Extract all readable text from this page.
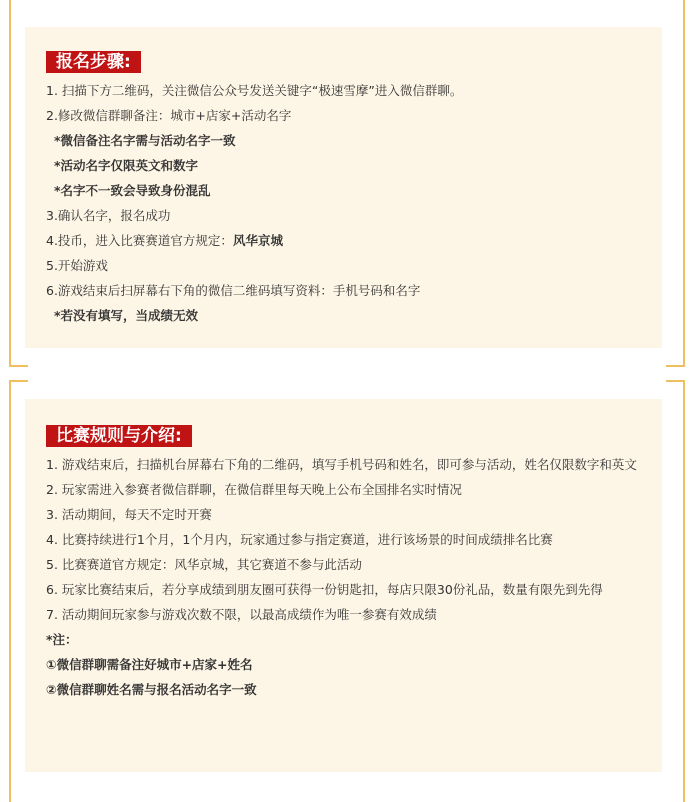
报名步骤:
1. 扫描下方二维码，关注微信公众号发送关键字“极速雪摩”进入微信群聊。
2.修改微信群聊备注：城市+店家+活动名字
*微信备注名字需与活动名字一致
*活动名字仅限英文和数字
*名字不一致会导致身份混乱
3.确认名字，报名成功
4.投币，进入比赛赛道官方规定：风华京城
5.开始游戏
6.游戏结束后扫屏幕右下角的微信二维码填写资料：手机号码和名字
*若没有填写，当成绩无效
比赛规则与介绍:
1. 游戏结束后，扫描机台屏幕右下角的二维码，填写手机号码和姓名，即可参与活动，姓名仅限数字和英文
2. 玩家需进入参赛者微信群聊，在微信群里每天晚上公布全国排名实时情况
3. 活动期间，每天不定时开赛
4. 比赛持续进行1个月，1个月内，玩家通过参与指定赛道，进行该场景的时间成绩排名比赛
5. 比赛赛道官方规定：风华京城，其它赛道不参与此活动
6. 玩家比赛结束后，若分享成绩到朋友圈可获得一份钥匙扣，每店只限30份礼品，数量有限先到先得
7. 活动期间玩家参与游戏次数不限，以最高成绩作为唯一参赛有效成绩
*注：
①微信群聊需备注好城市+店家+姓名
②微信群聊姓名需与报名活动名字一致
